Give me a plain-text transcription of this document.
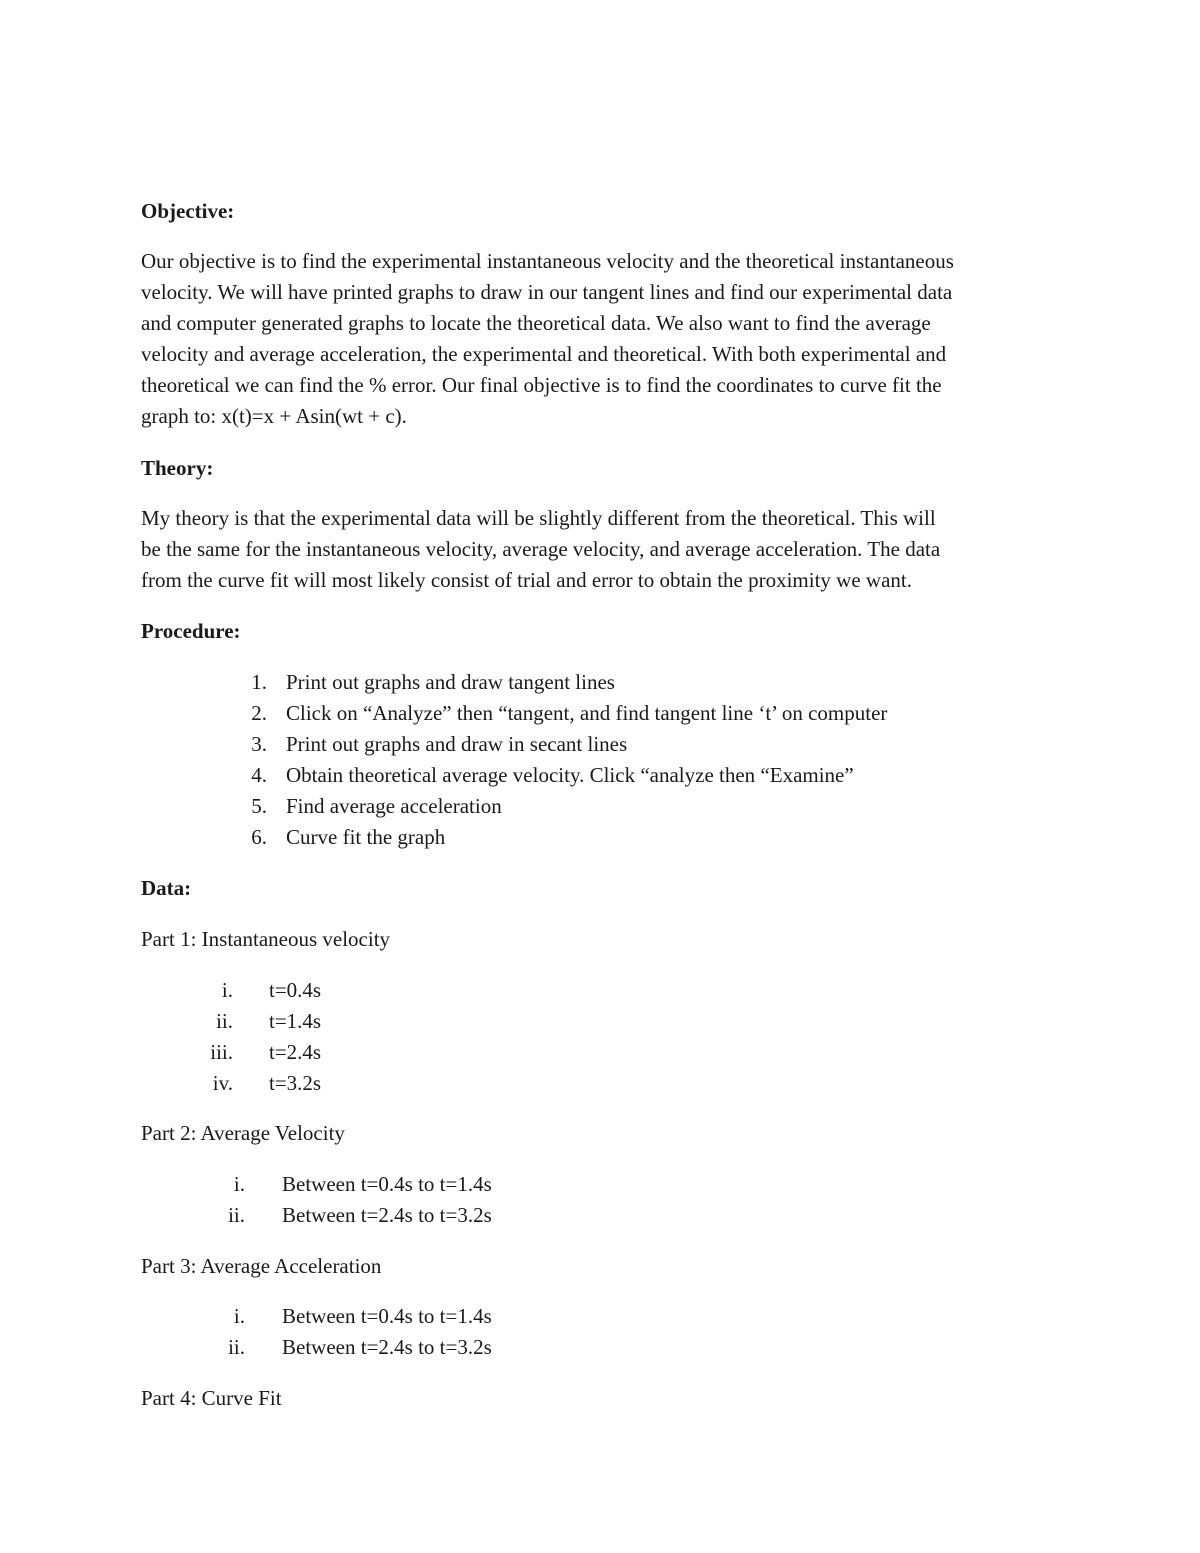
Objective:
Our objective is to find the experimental instantaneous velocity and the theoretical instantaneous
velocity. We will have printed graphs to draw in our tangent lines and find our experimental data
and computer generated graphs to locate the theoretical data. We also want to find the average
velocity and average acceleration, the experimental and theoretical. With both experimental and
theoretical we can find the % error. Our final objective is to find the coordinates to curve fit the
graph to: x(t)=x + Asin(wt + c).
Theory:
My theory is that the experimental data will be slightly different from the theoretical. This will
be the same for the instantaneous velocity, average velocity, and average acceleration. The data
from the curve fit will most likely consist of trial and error to obtain the proximity we want.
Procedure:
1. Print out graphs and draw tangent lines
2. Click on “Analyze” then “tangent, and find tangent line ‘t’ on computer
3. Print out graphs and draw in secant lines
4. Obtain theoretical average velocity. Click “analyze then “Examine”
5. Find average acceleration
6. Curve fit the graph
Data:
Part 1: Instantaneous velocity
i. t=0.4s
ii. t=1.4s
iii. t=2.4s
iv. t=3.2s
Part 2: Average Velocity
i. Between t=0.4s to t=1.4s
ii. Between t=2.4s to t=3.2s
Part 3: Average Acceleration
i. Between t=0.4s to t=1.4s
ii. Between t=2.4s to t=3.2s
Part 4: Curve Fit
